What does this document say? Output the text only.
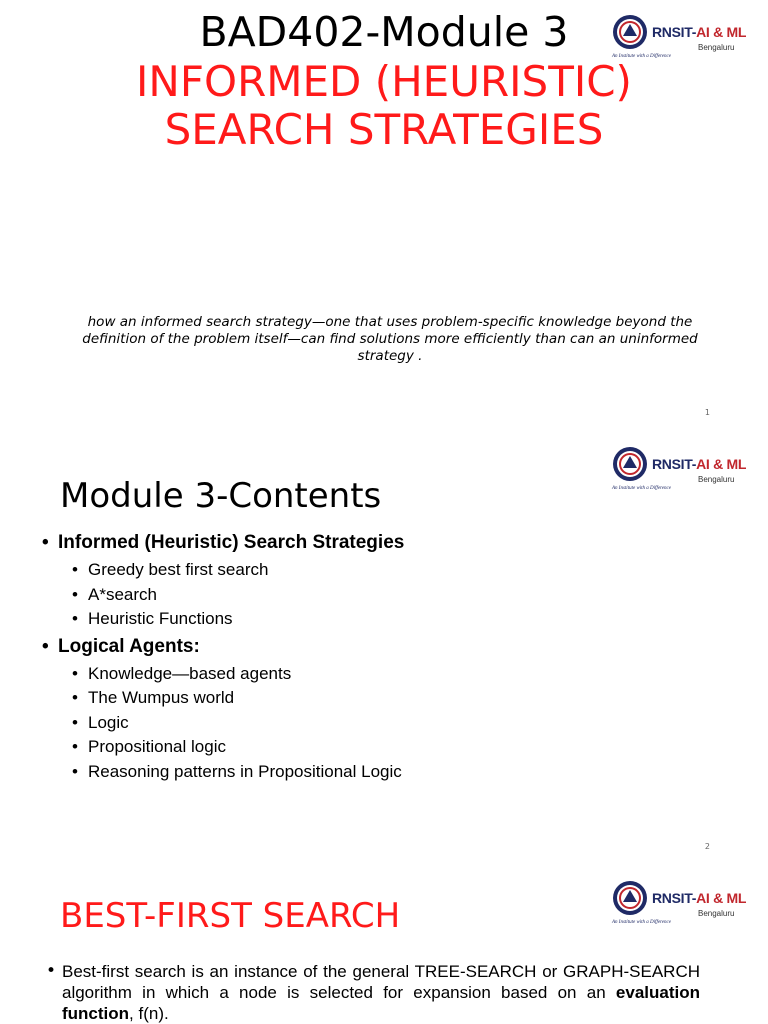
RNSIT-AI & ML
Bengaluru
An Institute with a Difference
BAD402-Module 3
INFORMED (HEURISTIC)
SEARCH STRATEGIES
how an informed search strategy—one that uses problem-specific knowledge beyond the definition of the problem itself—can find solutions more efficiently than can an uninformed strategy .
1
RNSIT-AI & ML
Bengaluru
An Institute with a Difference
Module 3-Contents
• Informed (Heuristic) Search Strategies
• Greedy best first search
• A*search
• Heuristic Functions
• Logical Agents:
• Knowledge—based agents
• The Wumpus world
• Logic
• Propositional logic
• Reasoning patterns in Propositional Logic
2
RNSIT-AI & ML
Bengaluru
An Institute with a Difference
BEST-FIRST SEARCH
• Best-first search is an instance of the general TREE-SEARCH or GRAPH-SEARCH algorithm in which a node is selected for expansion based on an evaluation function, f(n).
